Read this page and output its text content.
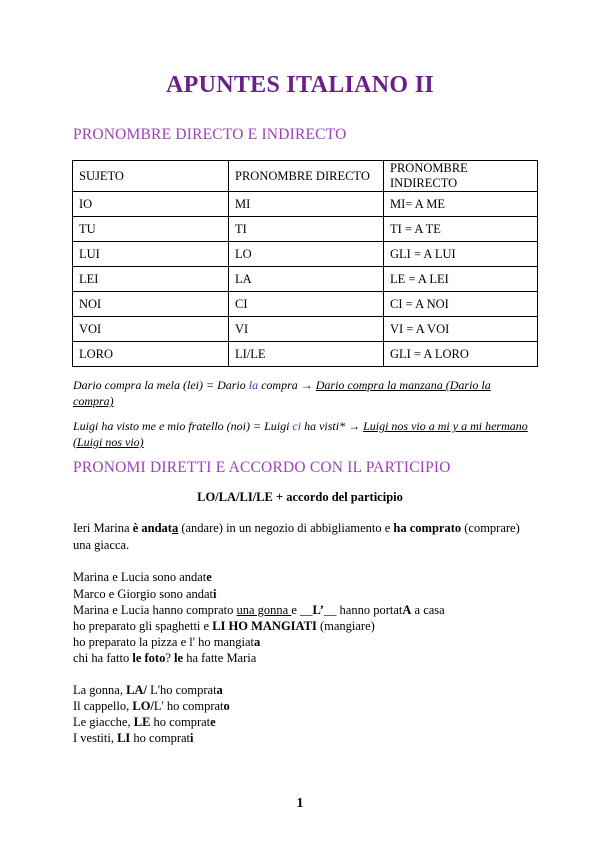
APUNTES ITALIANO II
PRONOMBRE DIRECTO E INDIRECTO
SUJETO	PRONOMBRE DIRECTO	PRONOMBRE INDIRECTO
IO	MI	MI= A ME
TU	TI	TI = A TE
LUI	LO	GLI = A LUI
LEI	LA	LE = A LEI
NOI	CI	CI = A NOI
VOI	VI	VI = A VOI
LORO	LI/LE	GLI = A LORO
Dario compra la mela (lei) = Dario la compra → Dario compra la manzana (Dario la compra)
Luigi ha visto me e mio fratello (noi) = Luigi ci ha visti* → Luigi nos vio a mi y a mi hermano (Luigi nos vio)
PRONOMI DIRETTI E ACCORDO CON IL PARTICIPIO
LO/LA/LI/LE + accordo del participio
Ieri Marina è andata (andare) in un negozio di abbigliamento e ha comprato (comprare)
una giacca.
Marina e Lucia sono andate
Marco e Giorgio sono andati
Marina e Lucia hanno comprato una gonna e __L’__ hanno portatA a casa
ho preparato gli spaghetti e LI HO MANGIATI (mangiare)
ho preparato la pizza e l' ho mangiata
chi ha fatto le foto? le ha fatte Maria
La gonna, LA/ L'ho comprata
Il cappello, LO/L' ho comprato
Le giacche, LE ho comprate
I vestiti, LI ho comprati
1
